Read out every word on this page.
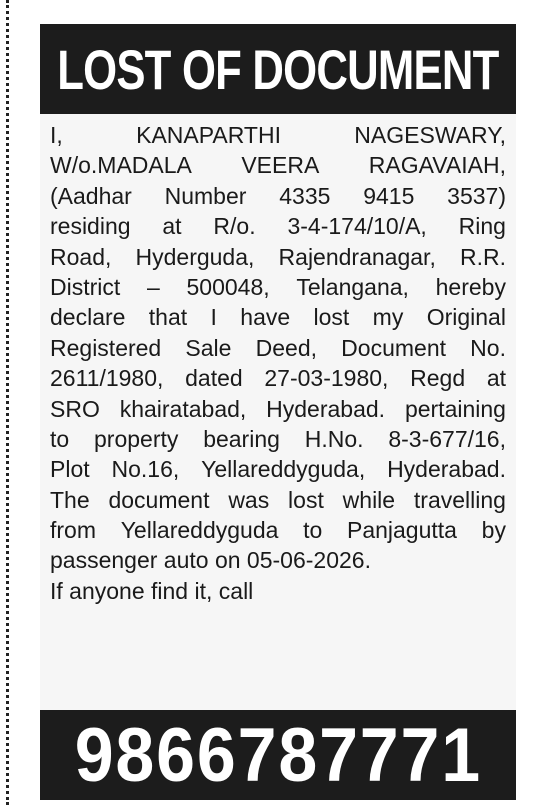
LOST OF DOCUMENT
I,	KANAPARTHI	NAGESWARY,
W/o.MADALA VEERA RAGAVAIAH,
(Aadhar Number 4335 9415 3537)
residing at R/o. 3-4-174/10/A, Ring
Road, Hyderguda, Rajendranagar, R.R.
District – 500048, Telangana, hereby
declare that I have lost my Original
Registered Sale Deed, Document No.
2611/1980, dated 27-03-1980, Regd at
SRO khairatabad, Hyderabad. pertaining
to property bearing H.No. 8-3-677/16,
Plot No.16, Yellareddyguda, Hyderabad.
The document was lost while travelling
from Yellareddyguda to Panjagutta by
passenger auto on 05-06-2026.
If anyone find it, call
9866787771
